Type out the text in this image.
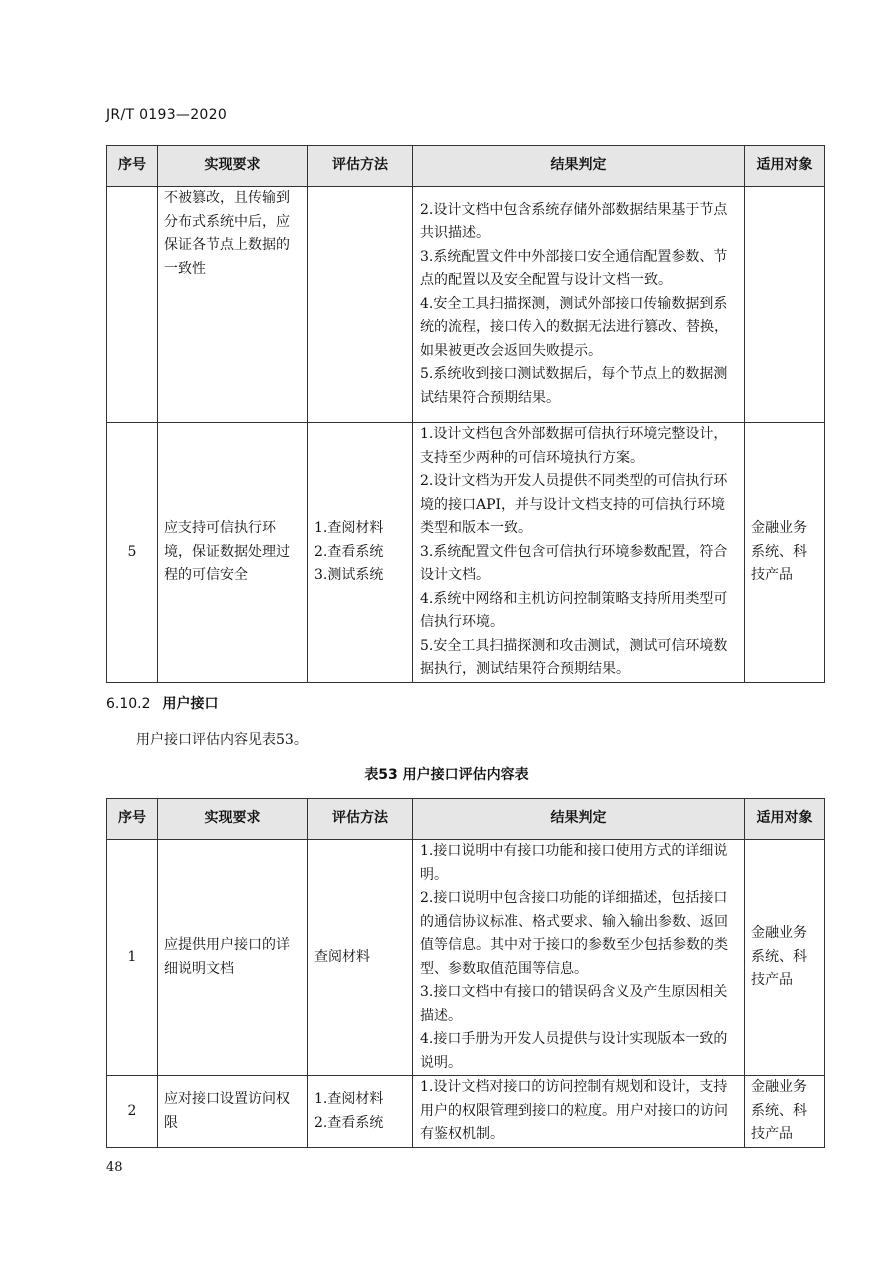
JR/T 0193—2020
序号	实现要求	评估方法	结果判定	适用对象
	不被篡改，且传输到分布式系统中后，应保证各节点上数据的一致性		2.设计文档中包含系统存储外部数据结果基于节点共识描述。
3.系统配置文件中外部接口安全通信配置参数、节点的配置以及安全配置与设计文档一致。
4.安全工具扫描探测，测试外部接口传输数据到系统的流程，接口传入的数据无法进行篡改、替换，如果被更改会返回失败提示。
5.系统收到接口测试数据后，每个节点上的数据测试结果符合预期结果。	

5	应支持可信执行环境，保证数据处理过程的可信安全	1.查阅材料
2.查看系统
3.测试系统	1.设计文档包含外部数据可信执行环境完整设计，支持至少两种的可信环境执行方案。
2.设计文档为开发人员提供不同类型的可信执行环境的接口API，并与设计文档支持的可信执行环境类型和版本一致。
3.系统配置文件包含可信执行环境参数配置，符合设计文档。
4.系统中网络和主机访问控制策略支持所用类型可信执行环境。
5.安全工具扫描探测和攻击测试，测试可信环境数据执行，测试结果符合预期结果。	金融业务系统、科技产品
6.10.2 用户接口
用户接口评估内容见表53。
表53 用户接口评估内容表
序号	实现要求	评估方法	结果判定	适用对象
1	应提供用户接口的详细说明文档	查阅材料	1.接口说明中有接口功能和接口使用方式的详细说明。
2.接口说明中包含接口功能的详细描述，包括接口的通信协议标准、格式要求、输入输出参数、返回值等信息。其中对于接口的参数至少包括参数的类型、参数取值范围等信息。
3.接口文档中有接口的错误码含义及产生原因相关描述。
4.接口手册为开发人员提供与设计实现版本一致的说明。	金融业务系统、科技产品
2	应对接口设置访问权限	1.查阅材料
2.查看系统	1.设计文档对接口的访问控制有规划和设计，支持用户的权限管理到接口的粒度。用户对接口的访问有鉴权机制。	金融业务系统、科技产品
48
